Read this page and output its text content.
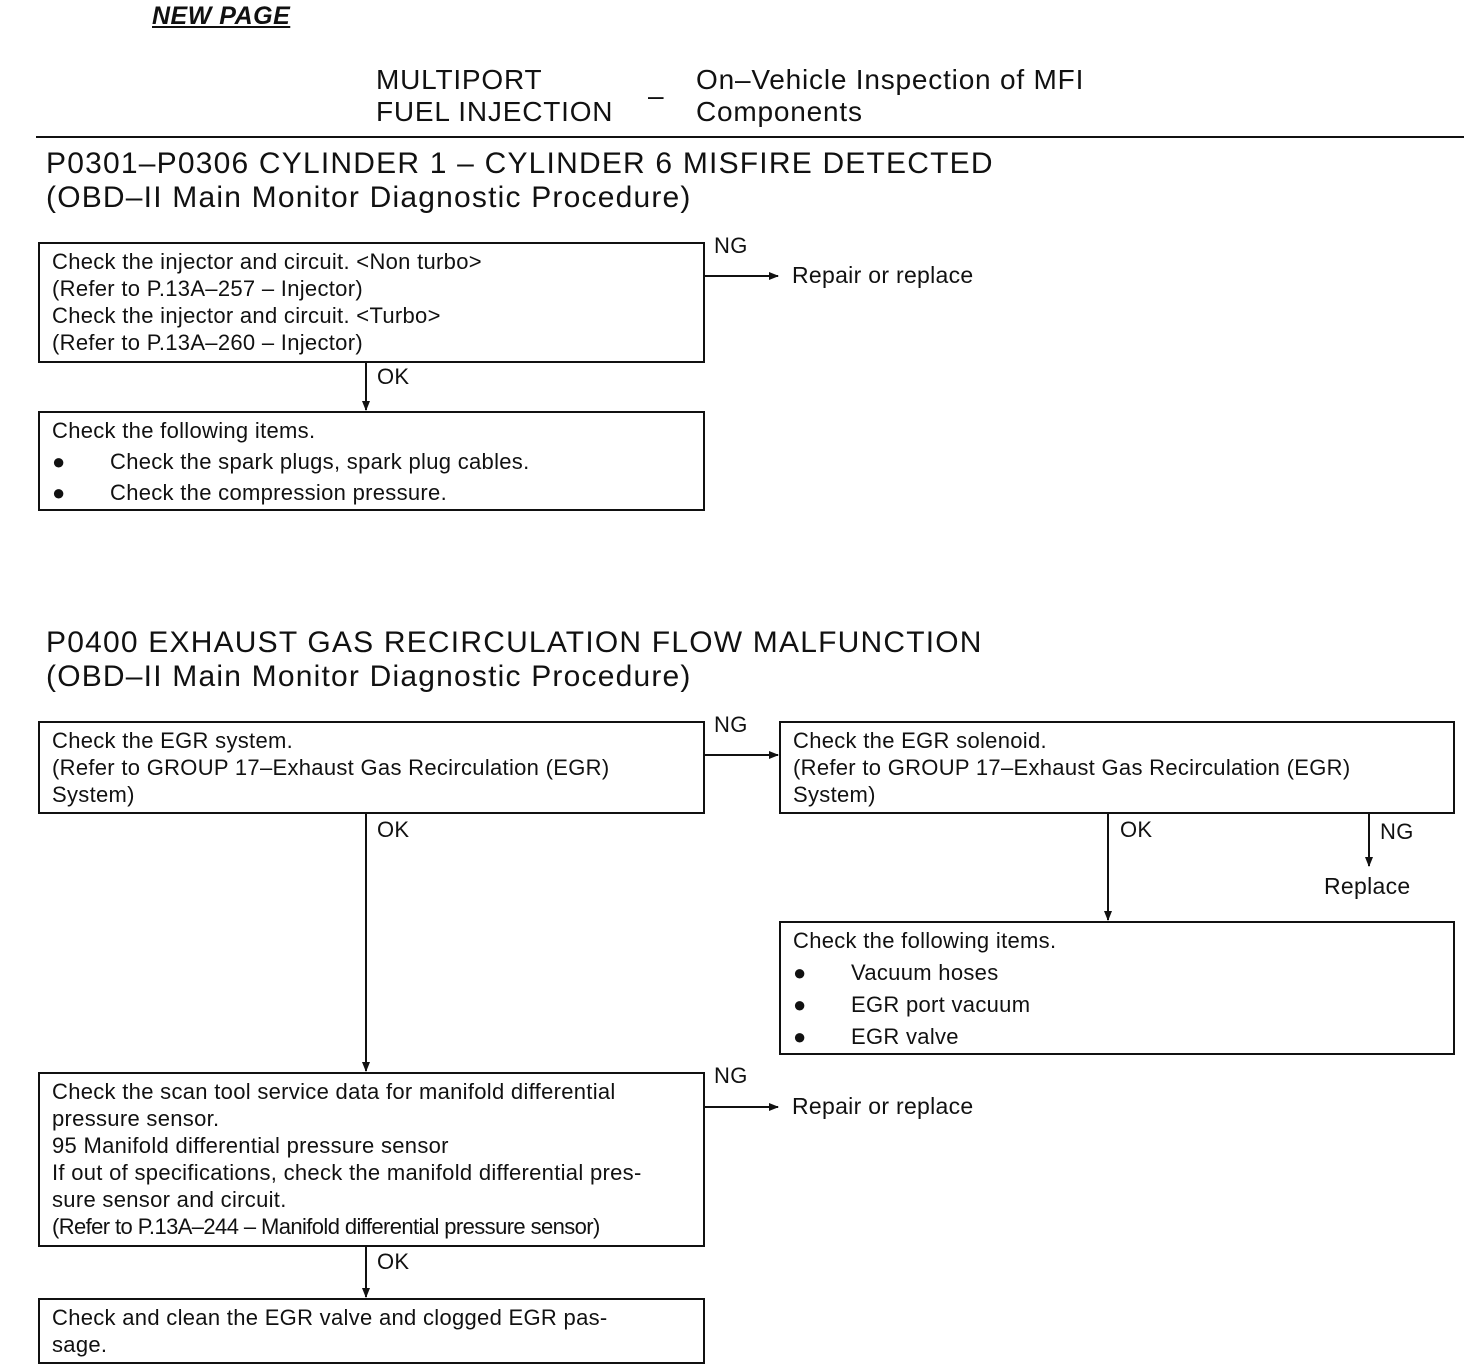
NEW PAGE
MULTIPORT
FUEL INJECTION
–
On–Vehicle Inspection of MFI
Components
P0301–P0306 CYLINDER 1 – CYLINDER 6 MISFIRE DETECTED
(OBD–II Main Monitor Diagnostic Procedure)
Check the injector and circuit. <Non turbo>
(Refer to P.13A–257 – Injector)
Check the injector and circuit. <Turbo>
(Refer to P.13A–260 – Injector)
NG
Repair or replace
OK
Check the following items.
● Check the spark plugs, spark plug cables.
● Check the compression pressure.
P0400 EXHAUST GAS RECIRCULATION FLOW MALFUNCTION
(OBD–II Main Monitor Diagnostic Procedure)
Check the EGR system.
(Refer to GROUP 17–Exhaust Gas Recirculation (EGR)
System)
NG
OK
Check the EGR solenoid.
(Refer to GROUP 17–Exhaust Gas Recirculation (EGR)
System)
OK	NG
Replace
Check the following items.
● Vacuum hoses
● EGR port vacuum
● EGR valve
Check the scan tool service data for manifold differential
pressure sensor.
95 Manifold differential pressure sensor
If out of specifications, check the manifold differential pres-
sure sensor and circuit.
(Refer to P.13A–244 – Manifold differential pressure sensor)
NG
Repair or replace
OK
Check and clean the EGR valve and clogged EGR pas-
sage.
